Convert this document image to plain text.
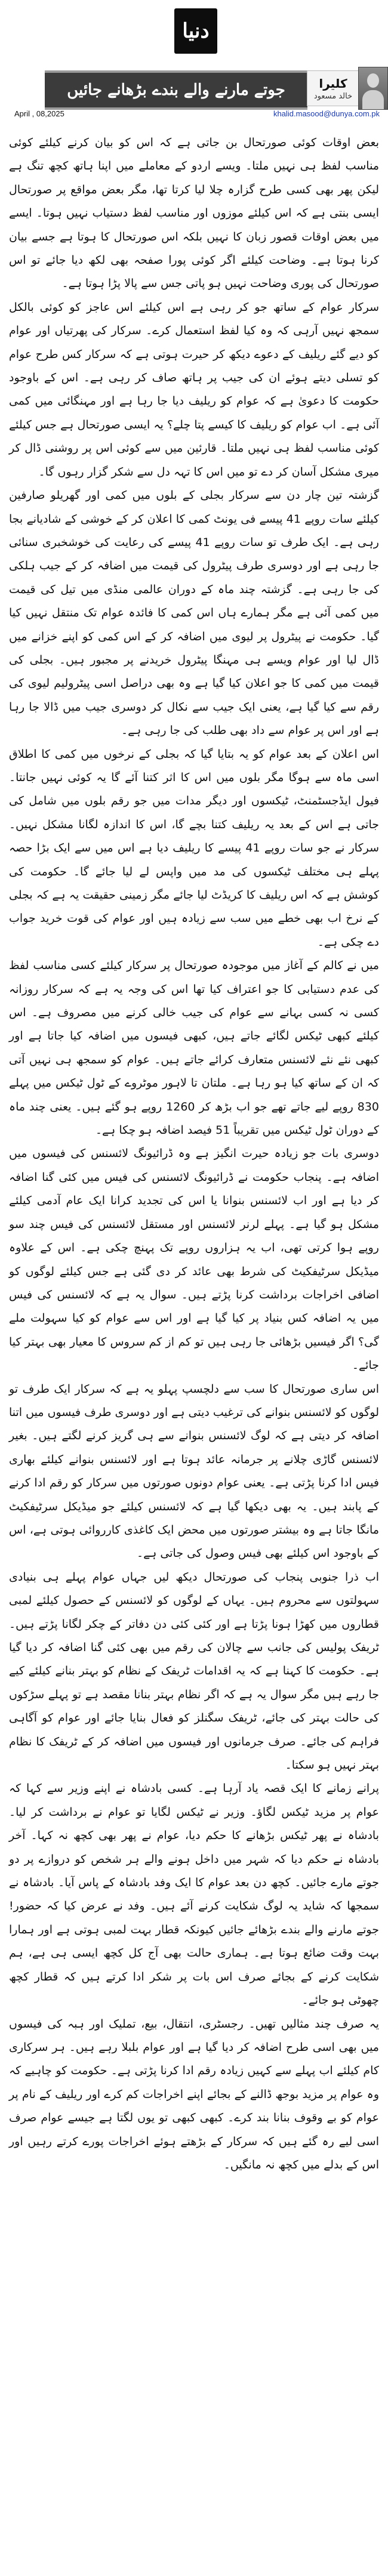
دنیا
جوتے مارنے والے بندے بڑھانے جائیں	کلیرا
خالد مسعود
April , 08,2025	khalid.masood@dunya.com.pk

بعض اوقات کوئی صورتحال بن جاتی ہے کہ اس کو بیان کرنے کیلئے کوئی مناسب لفظ ہی نہیں ملتا۔ ویسے اردو کے معاملے میں اپنا ہاتھ کچھ تنگ ہے لیکن پھر بھی کسی طرح گزارہ چلا لیا کرتا تھا، مگر بعض مواقع پر صورتحال ایسی بنتی ہے کہ اس کیلئے موزوں اور مناسب لفظ دستیاب نہیں ہوتا۔ ایسے میں بعض اوقات قصور زبان کا نہیں بلکہ اس صورتحال کا ہوتا ہے جسے بیان کرنا ہوتا ہے۔ وضاحت کیلئے اگر کوئی پورا صفحہ بھی لکھ دیا جائے تو اس صورتحال کی پوری وضاحت نہیں ہو پاتی جس سے پالا پڑا ہوتا ہے۔

سرکار عوام کے ساتھ جو کر رہی ہے اس کیلئے اس عاجز کو کوئی بالکل سمجھ نہیں آرہی کہ وہ کیا لفظ استعمال کرے۔ سرکار کی پھرتیاں اور عوام کو دیے گئے ریلیف کے دعوے دیکھ کر حیرت ہوتی ہے کہ سرکار کس طرح عوام کو تسلی دیتے ہوئے ان کی جیب پر ہاتھ صاف کر رہی ہے۔ اس کے باوجود حکومت کا دعویٰ ہے کہ عوام کو ریلیف دیا جا رہا ہے اور مہنگائی میں کمی آئی ہے۔ اب عوام کو ریلیف کا کیسے پتا چلے؟ یہ ایسی صورتحال ہے جس کیلئے کوئی مناسب لفظ ہی نہیں ملتا۔ قارئین میں سے کوئی اس پر روشنی ڈال کر میری مشکل آسان کر دے تو میں اس کا تہہ دل سے شکر گزار رہوں گا۔

گزشتہ تین چار دن سے سرکار بجلی کے بلوں میں کمی اور گھریلو صارفین کیلئے سات روپے 41 پیسے فی یونٹ کمی کا اعلان کر کے خوشی کے شادیانے بجا رہی ہے۔ ایک طرف تو سات روپے 41 پیسے کی رعایت کی خوشخبری سنائی جا رہی ہے اور دوسری طرف پیٹرول کی قیمت میں اضافہ کر کے جیب ہلکی کی جا رہی ہے۔ گزشتہ چند ماہ کے دوران عالمی منڈی میں تیل کی قیمت میں کمی آئی ہے مگر ہمارے ہاں اس کمی کا فائدہ عوام تک منتقل نہیں کیا گیا۔ حکومت نے پیٹرول پر لیوی میں اضافہ کر کے اس کمی کو اپنے خزانے میں ڈال لیا اور عوام ویسے ہی مہنگا پیٹرول خریدنے پر مجبور ہیں۔ بجلی کی قیمت میں کمی کا جو اعلان کیا گیا ہے وہ بھی دراصل اسی پیٹرولیم لیوی کی رقم سے کیا گیا ہے، یعنی ایک جیب سے نکال کر دوسری جیب میں ڈالا جا رہا ہے اور اس پر عوام سے داد بھی طلب کی جا رہی ہے۔

اس اعلان کے بعد عوام کو یہ بتایا گیا کہ بجلی کے نرخوں میں کمی کا اطلاق اسی ماہ سے ہوگا مگر بلوں میں اس کا اثر کتنا آئے گا یہ کوئی نہیں جانتا۔ فیول ایڈجسٹمنٹ، ٹیکسوں اور دیگر مدات میں جو رقم بلوں میں شامل کی جاتی ہے اس کے بعد یہ ریلیف کتنا بچے گا، اس کا اندازہ لگانا مشکل نہیں۔ سرکار نے جو سات روپے 41 پیسے کا ریلیف دیا ہے اس میں سے ایک بڑا حصہ پہلے ہی مختلف ٹیکسوں کی مد میں واپس لے لیا جائے گا۔ حکومت کی کوشش ہے کہ اس ریلیف کا کریڈٹ لیا جائے مگر زمینی حقیقت یہ ہے کہ بجلی کے نرخ اب بھی خطے میں سب سے زیادہ ہیں اور عوام کی قوت خرید جواب دے چکی ہے۔

میں نے کالم کے آغاز میں موجودہ صورتحال پر سرکار کیلئے کسی مناسب لفظ کی عدم دستیابی کا جو اعتراف کیا تھا اس کی وجہ یہ ہے کہ سرکار روزانہ کسی نہ کسی بہانے سے عوام کی جیب خالی کرنے میں مصروف ہے۔ اس کیلئے کبھی ٹیکس لگائے جاتے ہیں، کبھی فیسوں میں اضافہ کیا جاتا ہے اور کبھی نئے نئے لائسنس متعارف کرائے جاتے ہیں۔ عوام کو سمجھ ہی نہیں آتی کہ ان کے ساتھ کیا ہو رہا ہے۔ ملتان تا لاہور موٹروے کے ٹول ٹیکس میں پہلے 830 روپے لیے جاتے تھے جو اب بڑھ کر 1260 روپے ہو گئے ہیں۔ یعنی چند ماہ کے دوران ٹول ٹیکس میں تقریباً 51 فیصد اضافہ ہو چکا ہے۔

دوسری بات جو زیادہ حیرت انگیز ہے وہ ڈرائیونگ لائسنس کی فیسوں میں اضافہ ہے۔ پنجاب حکومت نے ڈرائیونگ لائسنس کی فیس میں کئی گنا اضافہ کر دیا ہے اور اب لائسنس بنوانا یا اس کی تجدید کرانا ایک عام آدمی کیلئے مشکل ہو گیا ہے۔ پہلے لرنر لائسنس اور مستقل لائسنس کی فیس چند سو روپے ہوا کرتی تھی، اب یہ ہزاروں روپے تک پہنچ چکی ہے۔ اس کے علاوہ میڈیکل سرٹیفکیٹ کی شرط بھی عائد کر دی گئی ہے جس کیلئے لوگوں کو اضافی اخراجات برداشت کرنا پڑتے ہیں۔ سوال یہ ہے کہ لائسنس کی فیس میں یہ اضافہ کس بنیاد پر کیا گیا ہے اور اس سے عوام کو کیا سہولت ملے گی؟ اگر فیسیں بڑھائی جا رہی ہیں تو کم از کم سروس کا معیار بھی بہتر کیا جائے۔

اس ساری صورتحال کا سب سے دلچسپ پہلو یہ ہے کہ سرکار ایک طرف تو لوگوں کو لائسنس بنوانے کی ترغیب دیتی ہے اور دوسری طرف فیسوں میں اتنا اضافہ کر دیتی ہے کہ لوگ لائسنس بنوانے سے ہی گریز کرنے لگتے ہیں۔ بغیر لائسنس گاڑی چلانے پر جرمانہ عائد ہوتا ہے اور لائسنس بنوانے کیلئے بھاری فیس ادا کرنا پڑتی ہے۔ یعنی عوام دونوں صورتوں میں سرکار کو رقم ادا کرنے کے پابند ہیں۔ یہ بھی دیکھا گیا ہے کہ لائسنس کیلئے جو میڈیکل سرٹیفکیٹ مانگا جاتا ہے وہ بیشتر صورتوں میں محض ایک کاغذی کارروائی ہوتی ہے، اس کے باوجود اس کیلئے بھی فیس وصول کی جاتی ہے۔

اب ذرا جنوبی پنجاب کی صورتحال دیکھ لیں جہاں عوام پہلے ہی بنیادی سہولتوں سے محروم ہیں۔ یہاں کے لوگوں کو لائسنس کے حصول کیلئے لمبی قطاروں میں کھڑا ہونا پڑتا ہے اور کئی کئی دن دفاتر کے چکر لگانا پڑتے ہیں۔ ٹریفک پولیس کی جانب سے چالان کی رقم میں بھی کئی گنا اضافہ کر دیا گیا ہے۔ حکومت کا کہنا ہے کہ یہ اقدامات ٹریفک کے نظام کو بہتر بنانے کیلئے کیے جا رہے ہیں مگر سوال یہ ہے کہ اگر نظام بہتر بنانا مقصد ہے تو پہلے سڑکوں کی حالت بہتر کی جائے، ٹریفک سگنلز کو فعال بنایا جائے اور عوام کو آگاہی فراہم کی جائے۔ صرف جرمانوں اور فیسوں میں اضافہ کر کے ٹریفک کا نظام بہتر نہیں ہو سکتا۔

پرانے زمانے کا ایک قصہ یاد آرہا ہے۔ کسی بادشاہ نے اپنے وزیر سے کہا کہ عوام پر مزید ٹیکس لگاؤ۔ وزیر نے ٹیکس لگایا تو عوام نے برداشت کر لیا۔ بادشاہ نے پھر ٹیکس بڑھانے کا حکم دیا، عوام نے پھر بھی کچھ نہ کہا۔ آخر بادشاہ نے حکم دیا کہ شہر میں داخل ہونے والے ہر شخص کو دروازے پر دو جوتے مارے جائیں۔ کچھ دن بعد عوام کا ایک وفد بادشاہ کے پاس آیا۔ بادشاہ نے سمجھا کہ شاید یہ لوگ شکایت کرنے آئے ہیں۔ وفد نے عرض کیا کہ حضور! جوتے مارنے والے بندے بڑھائے جائیں کیونکہ قطار بہت لمبی ہوتی ہے اور ہمارا بہت وقت ضائع ہوتا ہے۔ ہماری حالت بھی آج کل کچھ ایسی ہی ہے، ہم شکایت کرنے کے بجائے صرف اس بات پر شکر ادا کرتے ہیں کہ قطار کچھ چھوٹی ہو جائے۔

یہ صرف چند مثالیں تھیں۔ رجسٹری، انتقال، بیع، تملیک اور ہبہ کی فیسوں میں بھی اسی طرح اضافہ کر دیا گیا ہے اور عوام بلبلا رہے ہیں۔ ہر سرکاری کام کیلئے اب پہلے سے کہیں زیادہ رقم ادا کرنا پڑتی ہے۔ حکومت کو چاہیے کہ وہ عوام پر مزید بوجھ ڈالنے کے بجائے اپنے اخراجات کم کرے اور ریلیف کے نام پر عوام کو بے وقوف بنانا بند کرے۔ کبھی کبھی تو یوں لگتا ہے جیسے عوام صرف اسی لیے رہ گئے ہیں کہ سرکار کے بڑھتے ہوئے اخراجات پورے کرتے رہیں اور اس کے بدلے میں کچھ نہ مانگیں۔
